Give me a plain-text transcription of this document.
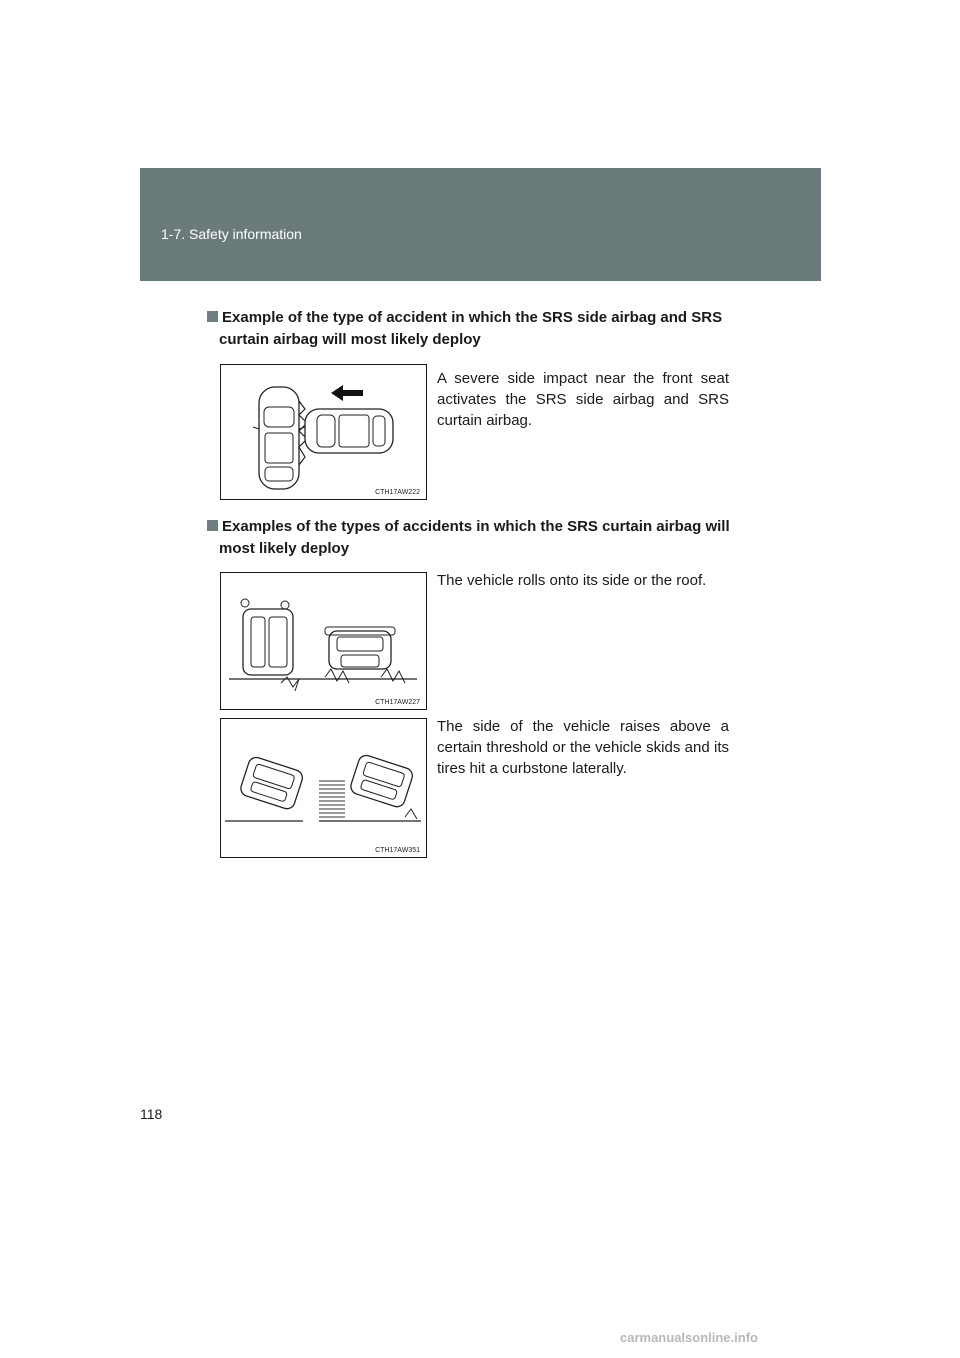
1-7. Safety information
Example of the type of accident in which the SRS side airbag and SRS
curtain airbag will most likely deploy
CTH17AW222
A severe side impact near the front seat activates the SRS side airbag and SRS curtain airbag.
Examples of the types of accidents in which the SRS curtain airbag will
most likely deploy
CTH17AW227
The vehicle rolls onto its side or the roof.
CTH17AW351
The side of the vehicle raises above a certain threshold or the vehicle skids and its tires hit a curbstone laterally.
118
carmanualsonline.info
